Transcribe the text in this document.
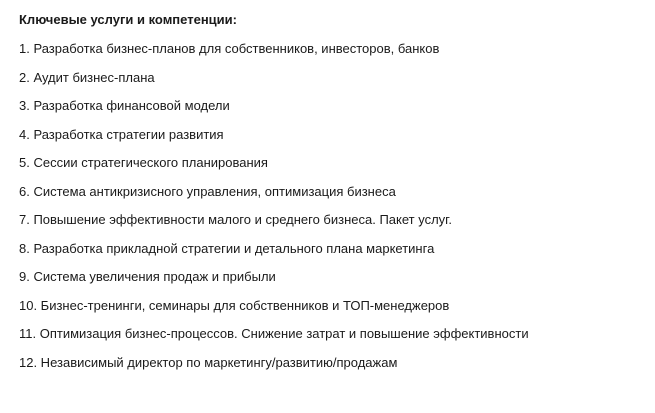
Ключевые услуги и компетенции:
1. Разработка бизнес-планов для собственников, инвесторов, банков
2. Аудит бизнес-плана
3. Разработка финансовой модели
4. Разработка стратегии развития
5. Сессии стратегического планирования
6. Система антикризисного управления, оптимизация бизнеса
7. Повышение эффективности малого и среднего бизнеса. Пакет услуг.
8. Разработка прикладной стратегии и детального плана маркетинга
9. Система увеличения продаж и прибыли
10. Бизнес-тренинги, семинары для собственников и ТОП-менеджеров
11. Оптимизация бизнес-процессов. Снижение затрат и повышение эффективности
12. Независимый директор по маркетингу/развитию/продажам
